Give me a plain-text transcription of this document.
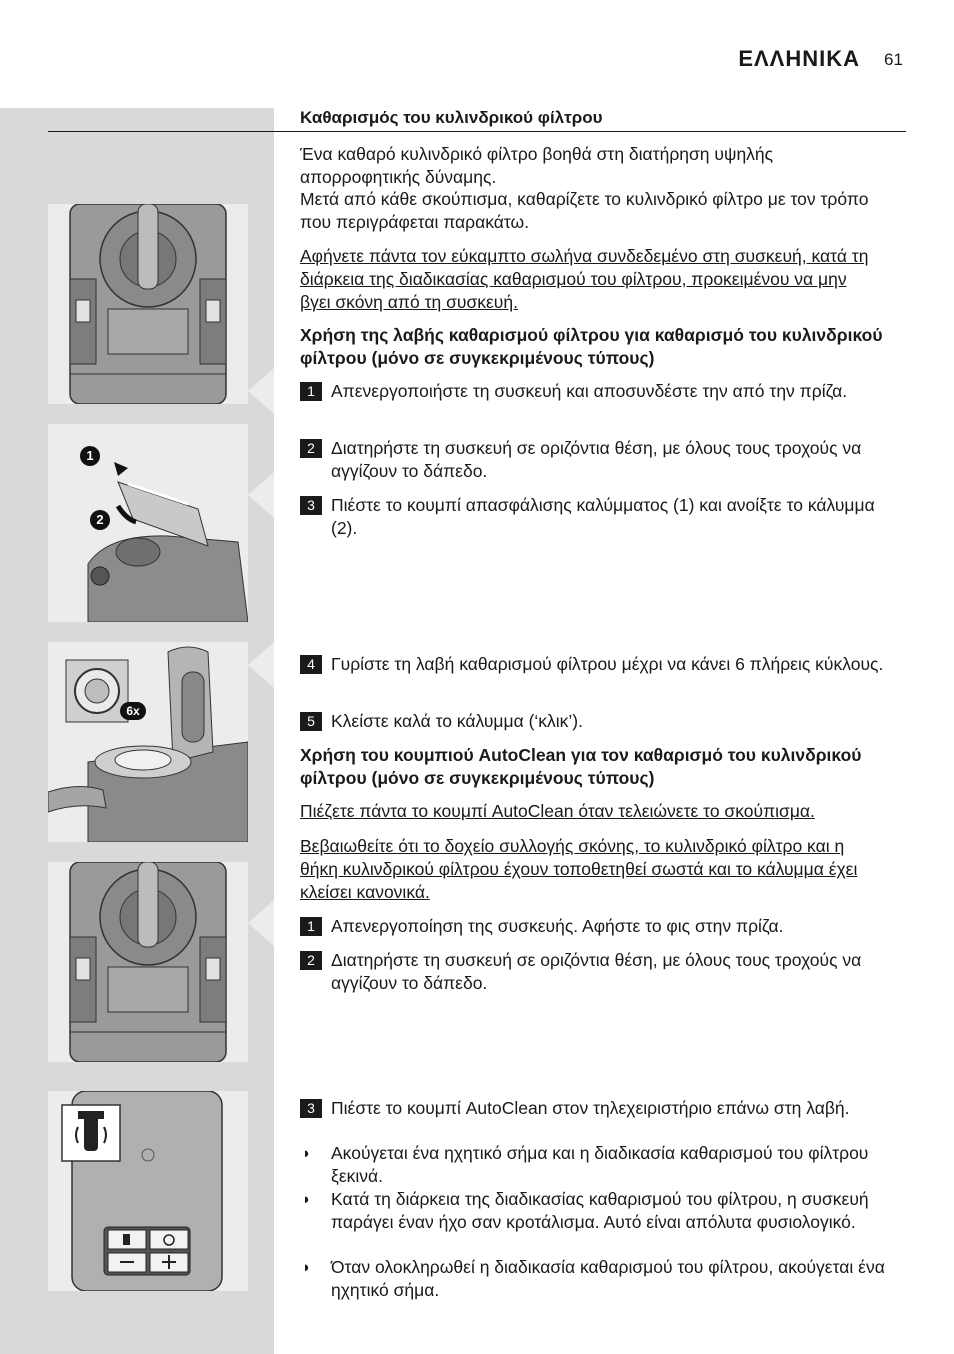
ΕΛΛΗΝΙΚΑ 61
Καθαρισμός του κυλινδρικού φίλτρου
Ένα καθαρό κυλινδρικό φίλτρο βοηθά στη διατήρηση υψηλής απορροφητικής δύναμης.
Μετά από κάθε σκούπισμα, καθαρίζετε το κυλινδρικό φίλτρο με τον τρόπο που περιγράφεται παρακάτω.
Αφήνετε πάντα τον εύκαμπτο σωλήνα συνδεδεμένο στη συσκευή, κατά τη διάρκεια της διαδικασίας καθαρισμού του φίλτρου, προκειμένου να μην βγει σκόνη από τη συσκευή.
Χρήση της λαβής καθαρισμού φίλτρου για καθαρισμό του κυλινδρικού φίλτρου (μόνο σε συγκεκριμένους τύπους)
1 Απενεργοποιήστε τη συσκευή και αποσυνδέστε την από την πρίζα.
2 Διατηρήστε τη συσκευή σε οριζόντια θέση, με όλους τους τροχούς να αγγίζουν το δάπεδο.
3 Πιέστε το κουμπί απασφάλισης καλύμματος (1) και ανοίξτε το κάλυμμα (2).
4 Γυρίστε τη λαβή καθαρισμού φίλτρου μέχρι να κάνει 6 πλήρεις κύκλους.
5 Κλείστε καλά το κάλυμμα (‘κλικ’).
Χρήση του κουμπιού AutoClean για τον καθαρισμό του κυλινδρικού φίλτρου (μόνο σε συγκεκριμένους τύπους)
Πιέζετε πάντα το κουμπί AutoClean όταν τελειώνετε το σκούπισμα.
Βεβαιωθείτε ότι το δοχείο συλλογής σκόνης, το κυλινδρικό φίλτρο και η θήκη κυλινδρικού φίλτρου έχουν τοποθετηθεί σωστά και το κάλυμμα έχει κλείσει κανονικά.
1 Απενεργοποίηση της συσκευής. Αφήστε το φις στην πρίζα.
2 Διατηρήστε τη συσκευή σε οριζόντια θέση, με όλους τους τροχούς να αγγίζουν το δάπεδο.
3 Πιέστε το κουμπί AutoClean στον τηλεχειριστήριο επάνω στη λαβή.
◗ Ακούγεται ένα ηχητικό σήμα και η διαδικασία καθαρισμού του φίλτρου ξεκινά.
◗ Κατά τη διάρκεια της διαδικασίας καθαρισμού του φίλτρου, η συσκευή παράγει έναν ήχο σαν κροτάλισμα. Αυτό είναι απόλυτα φυσιολογικό.
◗ Όταν ολοκληρωθεί η διαδικασία καθαρισμού του φίλτρου, ακούγεται ένα ηχητικό σήμα.
1
2
6x
